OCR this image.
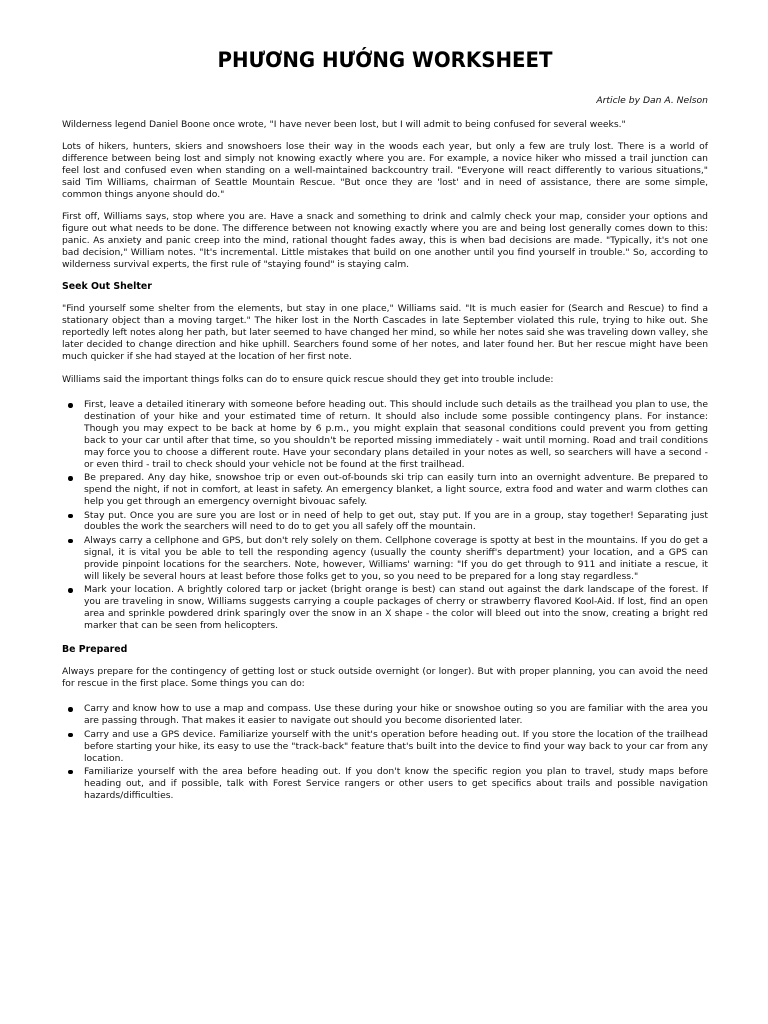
PHƯƠNG HƯỚNG WORKSHEET
Article by Dan A. Nelson

Wilderness legend Daniel Boone once wrote, "I have never been lost, but I will admit to being confused for several weeks."

Lots of hikers, hunters, skiers and snowshoers lose their way in the woods each year, but only a few are truly lost. There is a world of difference between being lost and simply not knowing exactly where you are. For example, a novice hiker who missed a trail junction can feel lost and confused even when standing on a well-maintained backcountry trail. "Everyone will react differently to various situations," said Tim Williams, chairman of Seattle Mountain Rescue. "But once they are 'lost' and in need of assistance, there are some simple, common things anyone should do."

First off, Williams says, stop where you are. Have a snack and something to drink and calmly check your map, consider your options and figure out what needs to be done. The difference between not knowing exactly where you are and being lost generally comes down to this: panic. As anxiety and panic creep into the mind, rational thought fades away, this is when bad decisions are made. "Typically, it's not one bad decision," William notes. "It's incremental. Little mistakes that build on one another until you find yourself in trouble." So, according to wilderness survival experts, the first rule of "staying found" is staying calm.

Seek Out Shelter

"Find yourself some shelter from the elements, but stay in one place," Williams said. "It is much easier for (Search and Rescue) to find a stationary object than a moving target." The hiker lost in the North Cascades in late September violated this rule, trying to hike out. She reportedly left notes along her path, but later seemed to have changed her mind, so while her notes said she was traveling down valley, she later decided to change direction and hike uphill. Searchers found some of her notes, and later found her. But her rescue might have been much quicker if she had stayed at the location of her first note.

Williams said the important things folks can do to ensure quick rescue should they get into trouble include:

First, leave a detailed itinerary with someone before heading out. This should include such details as the trailhead you plan to use, the destination of your hike and your estimated time of return. It should also include some possible contingency plans. For instance: Though you may expect to be back at home by 6 p.m., you might explain that seasonal conditions could prevent you from getting back to your car until after that time, so you shouldn't be reported missing immediately - wait until morning. Road and trail conditions may force you to choose a different route. Have your secondary plans detailed in your notes as well, so searchers will have a second - or even third - trail to check should your vehicle not be found at the first trailhead.
Be prepared. Any day hike, snowshoe trip or even out-of-bounds ski trip can easily turn into an overnight adventure. Be prepared to spend the night, if not in comfort, at least in safety. An emergency blanket, a light source, extra food and water and warm clothes can help you get through an emergency overnight bivouac safely.
Stay put. Once you are sure you are lost or in need of help to get out, stay put. If you are in a group, stay together! Separating just doubles the work the searchers will need to do to get you all safely off the mountain.
Always carry a cellphone and GPS, but don't rely solely on them. Cellphone coverage is spotty at best in the mountains. If you do get a signal, it is vital you be able to tell the responding agency (usually the county sheriff's department) your location, and a GPS can provide pinpoint locations for the searchers. Note, however, Williams' warning: "If you do get through to 911 and initiate a rescue, it will likely be several hours at least before those folks get to you, so you need to be prepared for a long stay regardless."
Mark your location. A brightly colored tarp or jacket (bright orange is best) can stand out against the dark landscape of the forest. If you are traveling in snow, Williams suggests carrying a couple packages of cherry or strawberry flavored Kool-Aid. If lost, find an open area and sprinkle powdered drink sparingly over the snow in an X shape - the color will bleed out into the snow, creating a bright red marker that can be seen from helicopters.
Be Prepared

Always prepare for the contingency of getting lost or stuck outside overnight (or longer). But with proper planning, you can avoid the need for rescue in the first place. Some things you can do:

Carry and know how to use a map and compass. Use these during your hike or snowshoe outing so you are familiar with the area you are passing through. That makes it easier to navigate out should you become disoriented later.
Carry and use a GPS device. Familiarize yourself with the unit's operation before heading out. If you store the location of the trailhead before starting your hike, its easy to use the "track-back" feature that's built into the device to find your way back to your car from any location.
Familiarize yourself with the area before heading out. If you don't know the specific region you plan to travel, study maps before heading out, and if possible, talk with Forest Service rangers or other users to get specifics about trails and possible navigation hazards/difficulties.
